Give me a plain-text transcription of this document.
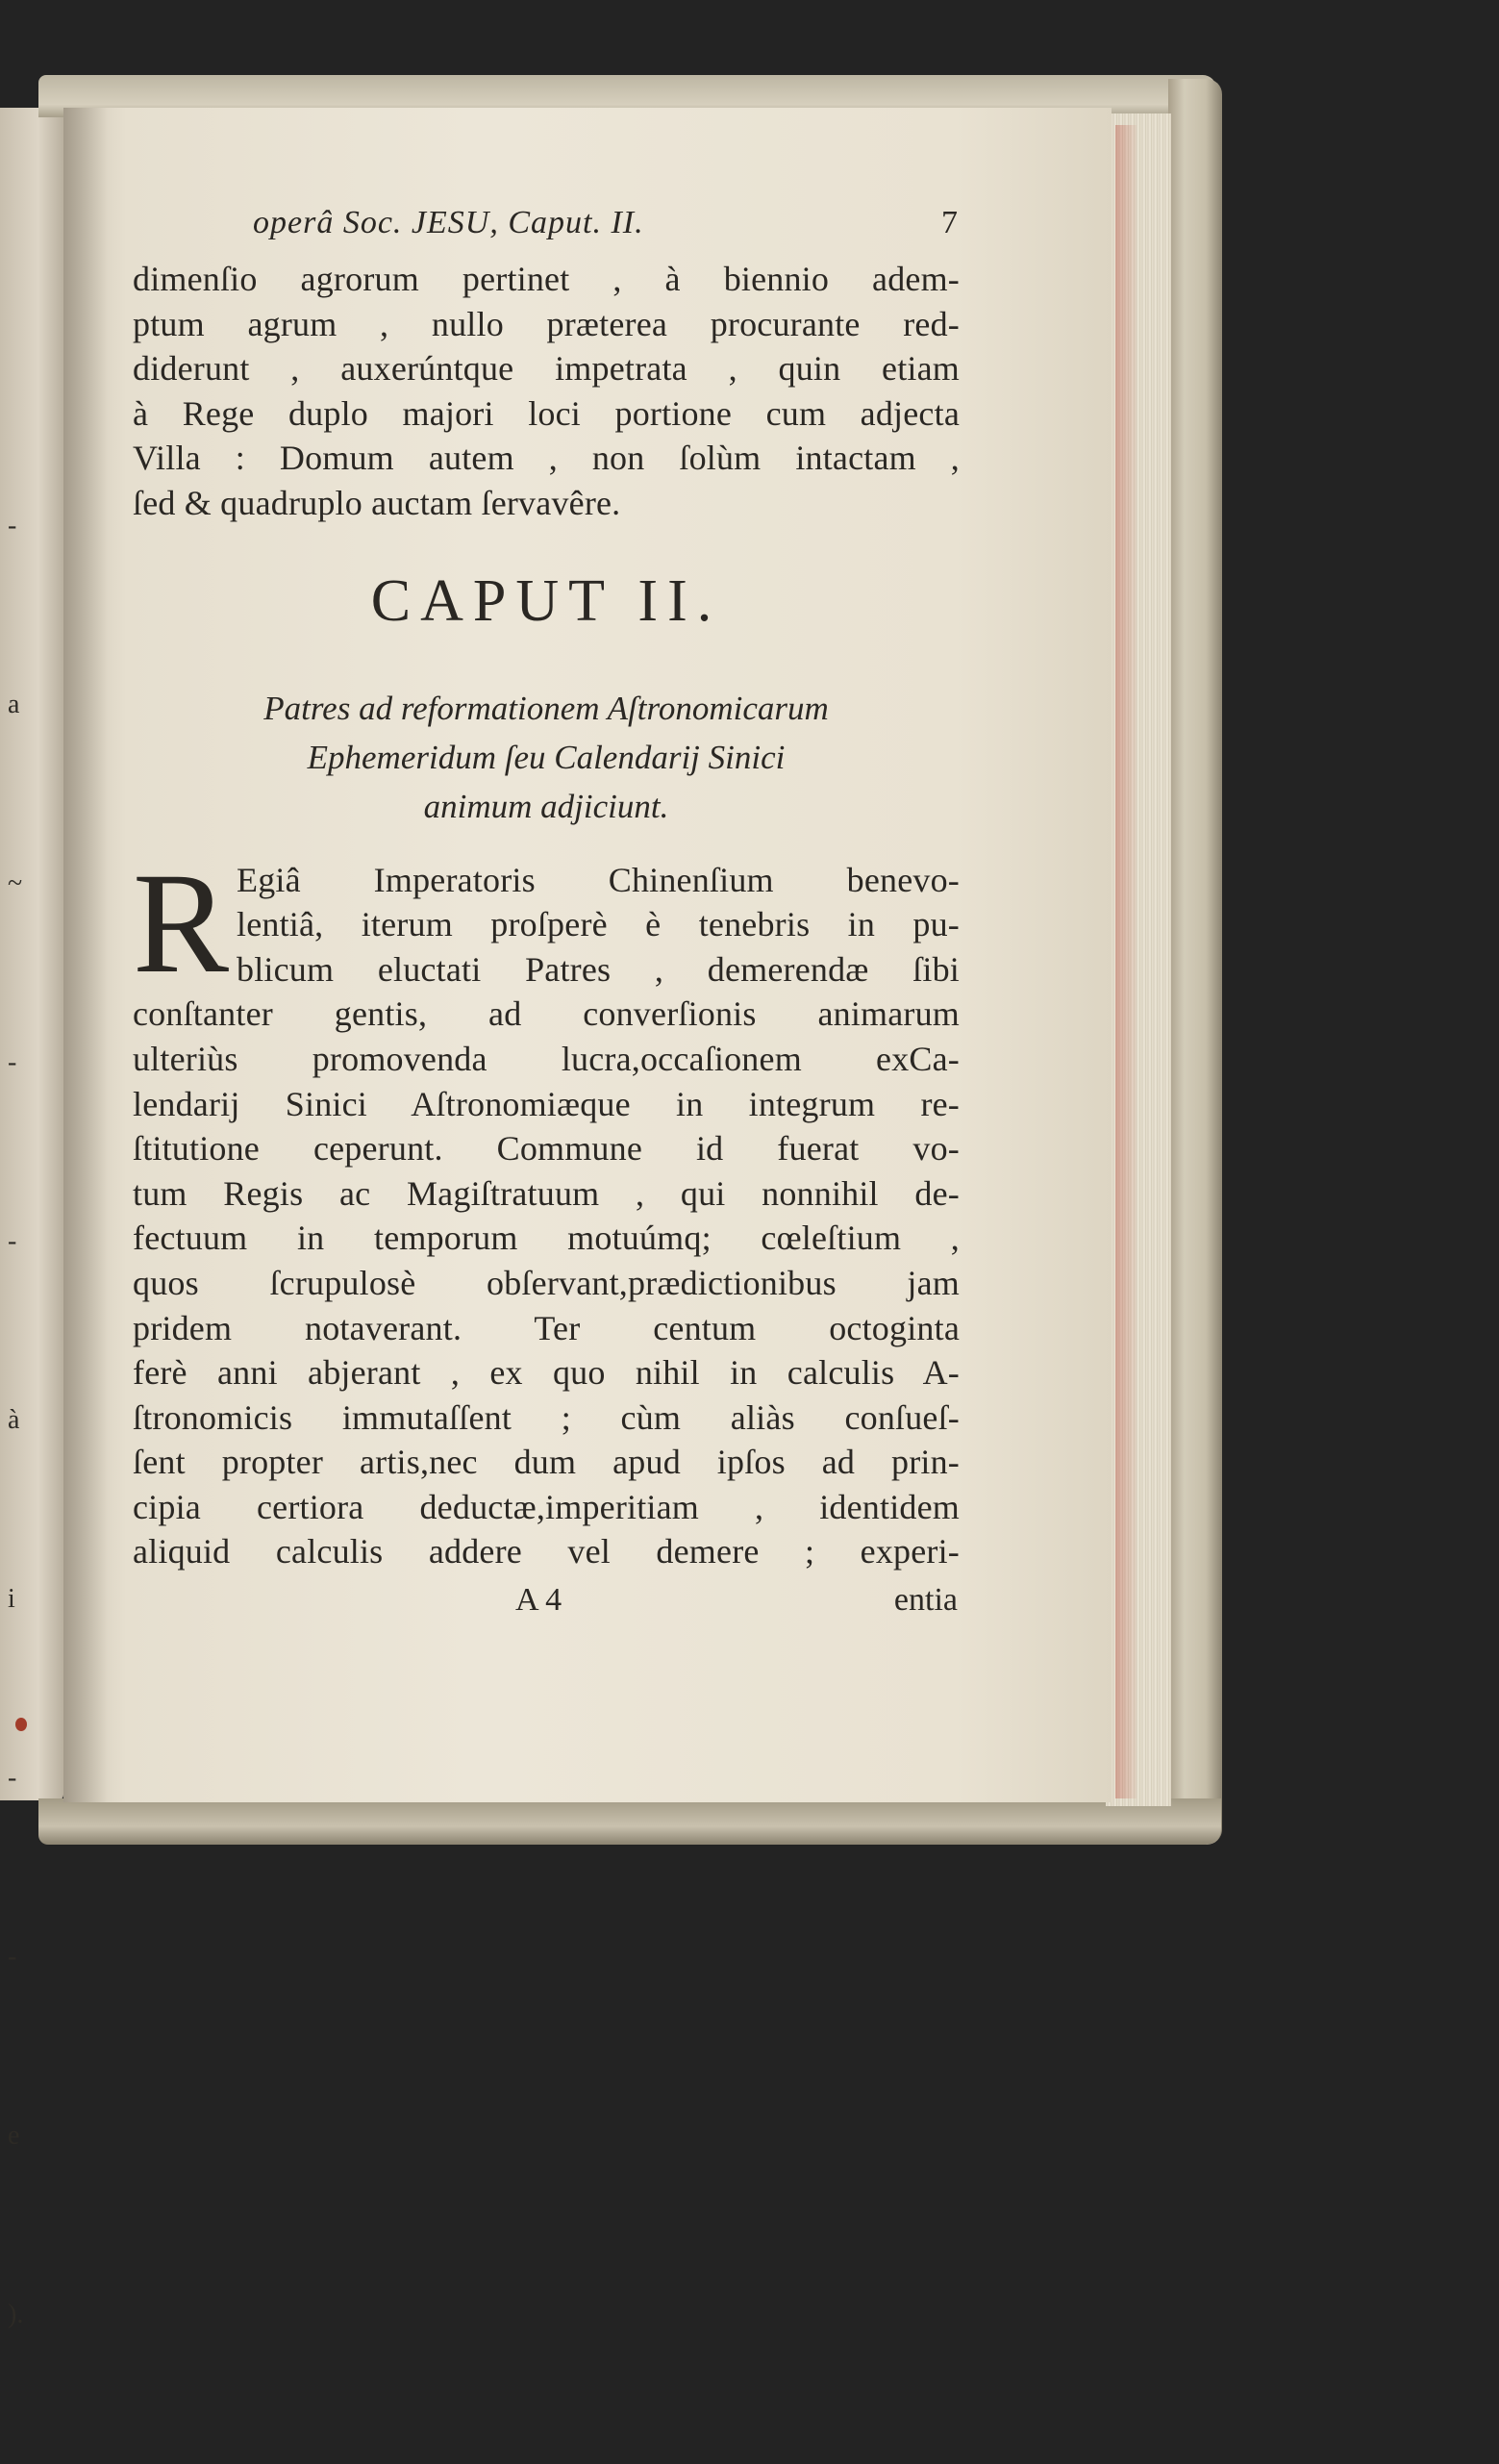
-

a

~

-

-

à

i

-

-

e

).

operâ Soc. JESU, Caput. II.	7
dimenſio agrorum pertinet , à biennio adem-
ptum agrum , nullo præterea procurante red-
diderunt , auxerúntque impetrata , quin etiam
à Rege duplo majori loci portione cum adjecta
Villa : Domum autem , non ſolùm intactam ,
ſed & quadruplo auctam ſervavêre.
CAPUT II.
Patres ad reformationem Aſtronomicarum
Ephemeridum ſeu Calendarij Sinici
animum adjiciunt.
R Egiâ Imperatoris Chinenſium benevo-
lentiâ, iterum proſperè è tenebris in pu-
blicum eluctati Patres , demerendæ ſibi
conſtanter gentis, ad converſionis animarum
ulteriùs promovenda lucra,occaſionem exCa-
lendarij Sinici Aſtronomiæque in integrum re-
ſtitutione ceperunt. Commune id fuerat vo-
tum Regis ac Magiſtratuum , qui nonnihil de-
fectuum in temporum motuúmq; cœleſtium ,
quos ſcrupulosè obſervant,prædictionibus jam
pridem notaverant. Ter centum octoginta
ferè anni abjerant , ex quo nihil in calculis A-
ſtronomicis immutaſſent ; cùm aliàs conſueſ-
ſent propter artis,nec dum apud ipſos ad prin-
cipia certiora deductæ,imperitiam , identidem
aliquid calculis addere vel demere ; experi-
A 4	entia
